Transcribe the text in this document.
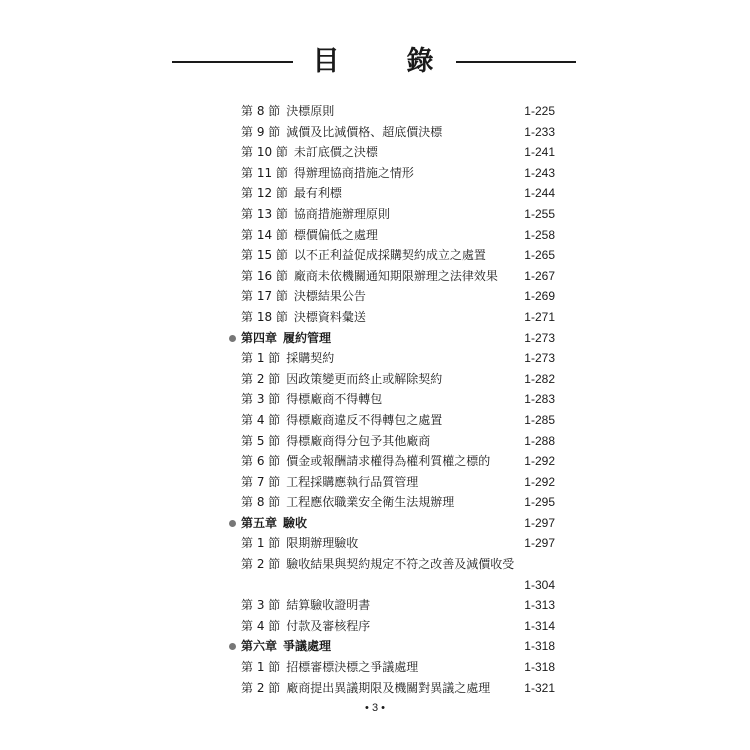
目　錄
第 8 節 決標原則	1-225
第 9 節 減價及比減價格、超底價決標	1-233
第 10 節 未訂底價之決標	1-241
第 11 節 得辦理協商措施之情形	1-243
第 12 節 最有利標	1-244
第 13 節 協商措施辦理原則	1-255
第 14 節 標價偏低之處理	1-258
第 15 節 以不正利益促成採購契約成立之處置	1-265
第 16 節 廠商未依機關通知期限辦理之法律效果 1-267
第 17 節 決標結果公告	1-269
第 18 節 決標資料彙送	1-271
第四章 履約管理	1-273
第 1 節 採購契約	1-273
第 2 節 因政策變更而終止或解除契約	1-282
第 3 節 得標廠商不得轉包	1-283
第 4 節 得標廠商違反不得轉包之處置	1-285
第 5 節 得標廠商得分包予其他廠商	1-288
第 6 節 價金或報酬請求權得為權利質權之標的	1-292
第 7 節 工程採購應執行品質管理	1-292
第 8 節 工程應依職業安全衛生法規辦理	1-295
第五章 驗收	1-297
第 1 節 限期辦理驗收	1-297
第 2 節 驗收結果與契約規定不符之改善及減價收受
1-304
第 3 節 結算驗收證明書	1-313
第 4 節 付款及審核程序	1-314
第六章 爭議處理	1-318
第 1 節 招標審標決標之爭議處理	1-318
第 2 節 廠商提出異議期限及機關對異議之處理	1-321
• 3 •
